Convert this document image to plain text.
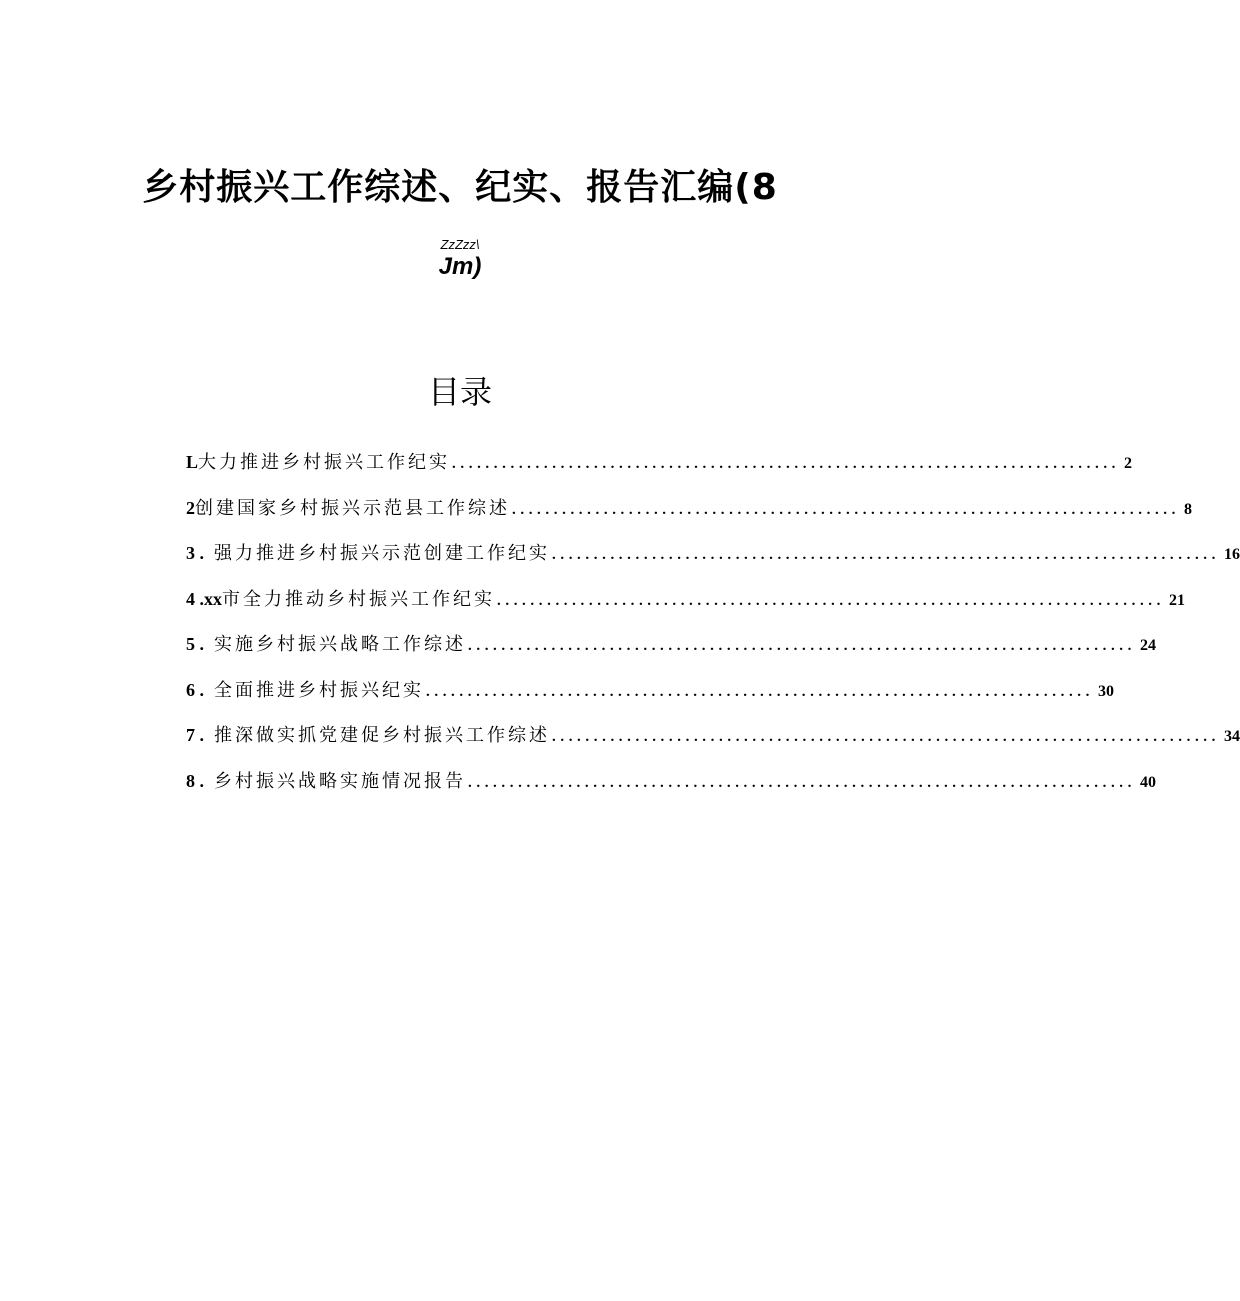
乡村振兴工作综述、纪实、报告汇编(8
ZzZzz\
Jm)
目录
L 大力推进乡村振兴工作纪实 ................................................................................ 2
2 创建国家乡村振兴示范县工作综述 ................................................................................ 8
3 . 强力推进乡村振兴示范创建工作纪实 ................................................................................ 16
4 .xx 市全力推动乡村振兴工作纪实 ................................................................................ 21
5 . 实施乡村振兴战略工作综述 ................................................................................ 24
6 . 全面推进乡村振兴纪实 ................................................................................ 30
7 . 推深做实抓党建促乡村振兴工作综述 ................................................................................ 34
8 . 乡村振兴战略实施情况报告 ................................................................................ 40
